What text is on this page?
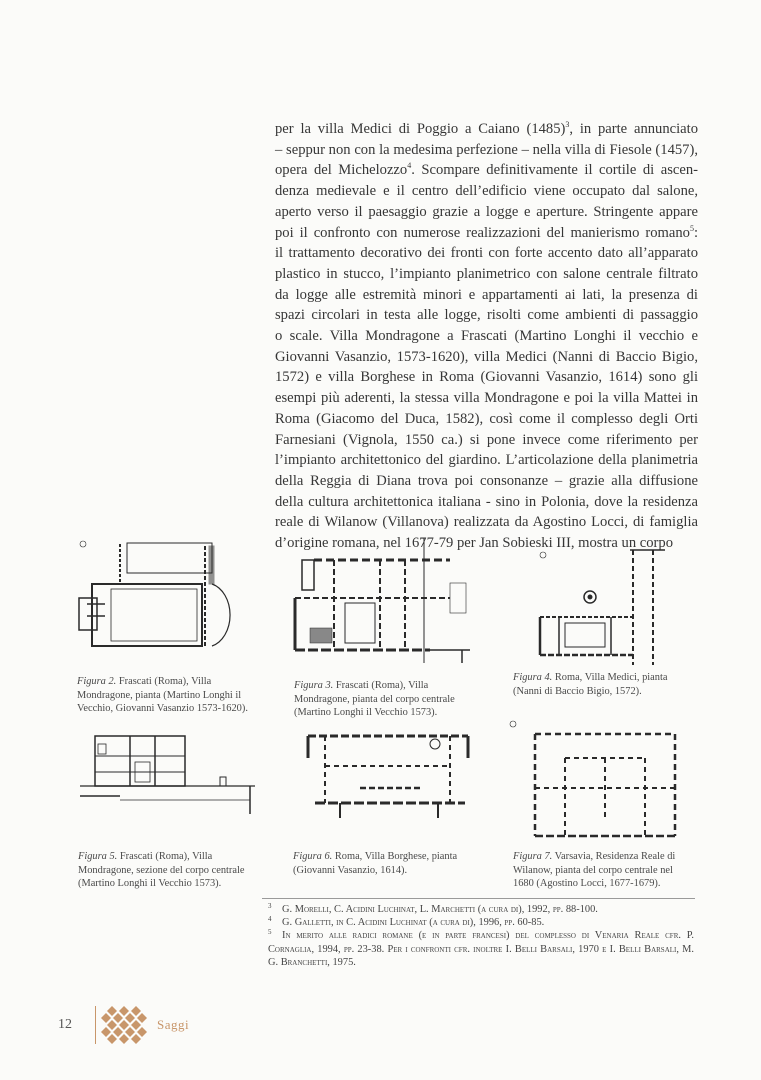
per la villa Medici di Poggio a Caiano $(1485)^3$, in parte annunciato
– seppur non con la medesima perfezione – nella villa di Fiesole (1457),
opera del Michelozzo$^4$. Scompare definitivamente il cortile di ascen-
denza medievale e il centro dell’edificio viene occupato dal salone,
aperto verso il paesaggio grazie a logge e aperture. Stringente appare
poi il confronto con numerose realizzazioni del manierismo romano$^5$:
il trattamento decorativo dei fronti con forte accento dato all’apparato
plastico in stucco, l’impianto planimetrico con salone centrale filtrato
da logge alle estremità minori e appartamenti ai lati, la presenza di
spazi circolari in testa alle logge, risolti come ambienti di passaggio
o scale. Villa Mondragone a Frascati (Martino Longhi il vecchio e
Giovanni Vasanzio, 1573-1620), villa Medici (Nanni di Baccio Bigio,
1572) e villa Borghese in Roma (Giovanni Vasanzio, 1614) sono gli
esempi più aderenti, la stessa villa Mondragone e poi la villa Mattei in
Roma (Giacomo del Duca, 1582), così come il complesso degli Orti
Farnesiani (Vignola, 1550 ca.) si pone invece come riferimento per
l’impianto architettonico del giardino. L’articolazione della planimetria
della Reggia di Diana trova poi consonanze – grazie alla diffusione
della cultura architettonica italiana - sino in Polonia, dove la residenza
reale di Wilanow (Villanova) realizzata da Agostino Locci, di famiglia
d’origine romana, nel 1677-79 per Jan Sobieski III, mostra un corpo
Figura 2. Frascati (Roma), Villa Mondragone, pianta (Martino Longhi il Vecchio, Giovanni Vasanzio 1573-1620).
Figura 3. Frascati (Roma), Villa Mondragone, pianta del corpo centrale (Martino Longhi il Vecchio 1573).
Figura 4. Roma, Villa Medici, pianta (Nanni di Baccio Bigio, 1572).
Figura 5. Frascati (Roma), Villa Mondragone, sezione del corpo centrale (Martino Longhi il Vecchio 1573).
Figura 6. Roma, Villa Borghese, pianta (Giovanni Vasanzio, 1614).
Figura 7. Varsavia, Residenza Reale di Wilanow, pianta del corpo centrale nel 1680 (Agostino Locci, 1677-1679).
3 G. Morelli, C. Acidini Luchinat, L. Marchetti (a cura di), 1992, pp. 88-100.
4 G. Galletti, in C. Acidini Luchinat (a cura di), 1996, pp. 60-85.
5 In merito alle radici romane (e in parte francesi) del complesso di Venaria Reale cfr. P. Cornaglia, 1994, pp. 23-38. Per i confronti cfr. inoltre I. Belli Barsali, 1970 e I. Belli Barsali, M. G. Branchetti, 1975.
12	Saggi
